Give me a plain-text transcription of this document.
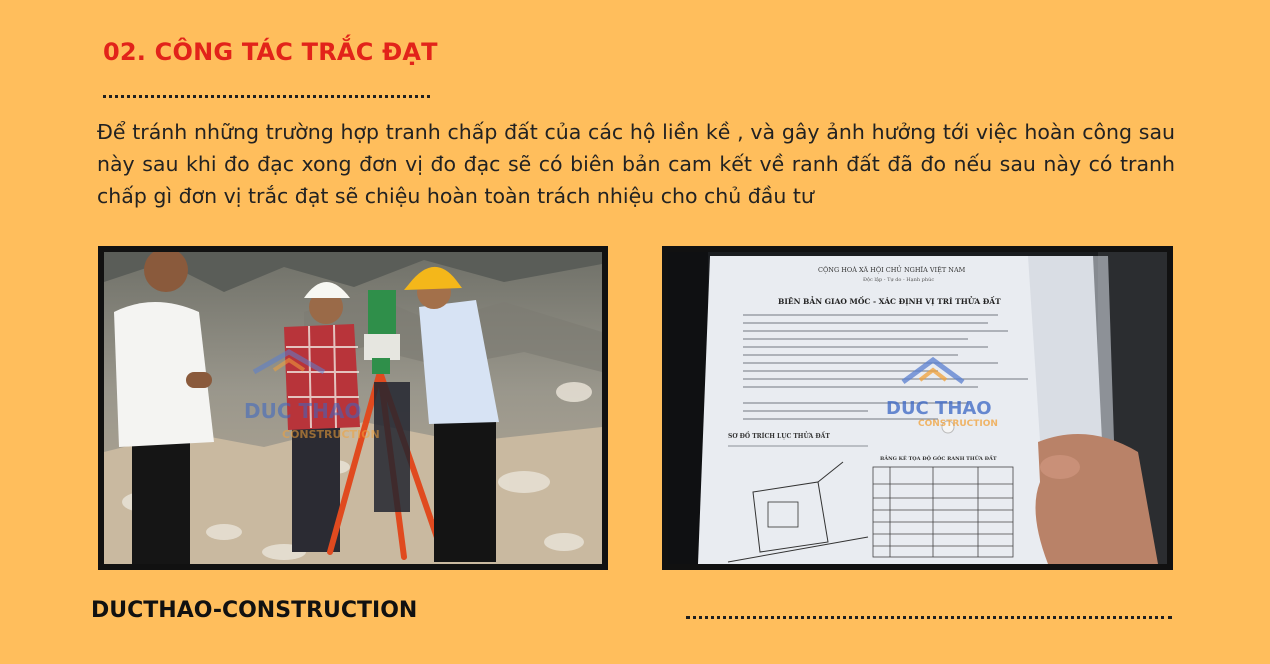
02. CÔNG TÁC TRẮC ĐẠT
Để tránh những trường hợp tranh chấp đất của các hộ liền kề , và gây ảnh hưởng tới việc hoàn công sau này sau khi đo đạc xong đơn vị đo đạc sẽ có biên bản cam kết về ranh đất đã đo nếu sau này có tranh chấp gì đơn vị trắc đạt sẽ chiệu hoàn toàn trách nhiệu cho chủ đầu tư
DUC THAO
CONSTRUCTION
CỘNG HOÀ XÃ HỘI CHỦ NGHĨA VIỆT NAM
Độc lập - Tự do - Hạnh phúc
BIÊN BẢN GIAO MỐC - XÁC ĐỊNH VỊ TRÍ THỬA ĐẤT
SƠ ĐỒ TRÍCH LỤC THỬA ĐẤT
BẢNG KÊ TỌA ĐỘ GÓC RANH THỬA ĐẤT
DUC THAO
CONSTRUCTION
DUCTHAO-CONSTRUCTION
